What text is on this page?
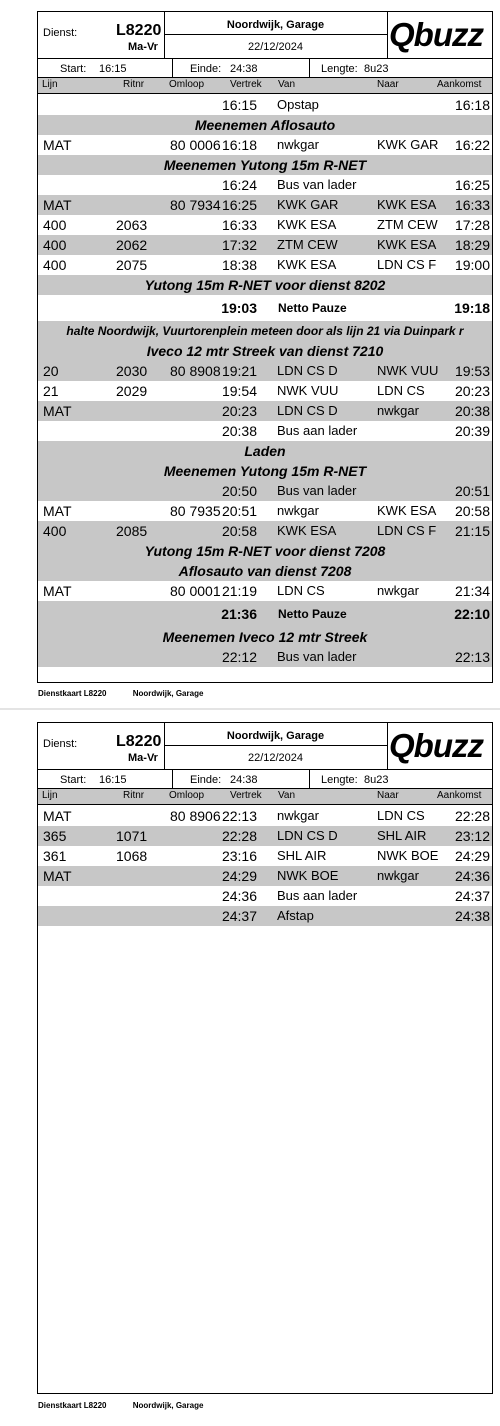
Dienst: L8220
Ma-Vr
Noordwijk, Garage
22/12/2024	Qbuzz
Start: 16:15	Einde: 24:38	Lengte: 8u23
Lijn	Ritnr Omloop	Vertrek Van	Naar	Aankomst
16:15 Opstap	16:18
Meenemen Aflosauto
MAT	80 0006 16:18 nwkgar	KWK GAR 16:22
Meenemen Yutong 15m R-NET
16:24 Bus van lader	16:25
MAT	80 7934 16:25 KWK GAR	KWK ESA 16:33
400	2063	16:33 KWK ESA	ZTM CEW 17:28
400	2062	17:32 ZTM CEW	KWK ESA 18:29
400	2075	18:38 KWK ESA	LDN CS F 19:00
Yutong 15m R-NET voor dienst 8202
19:03 Netto Pauze	19:18
halte Noordwijk, Vuurtorenplein meteen door als lijn 21 via Duinpark r
Iveco 12 mtr Streek van dienst 7210
20	2030 80 8908 19:21 LDN CS D	NWK VUU 19:53
21	2029	19:54 NWK VUU	LDN CS 20:23
MAT	20:23 LDN CS D	nwkgar	20:38
20:38 Bus aan lader	20:39
Laden
Meenemen Yutong 15m R-NET
20:50 Bus van lader	20:51
MAT	80 7935 20:51 nwkgar	KWK ESA 20:58
400	2085	20:58 KWK ESA	LDN CS F 21:15
Yutong 15m R-NET voor dienst 7208
Aflosauto van dienst 7208
MAT	80 0001 21:19 LDN CS	nwkgar	21:34
21:36 Netto Pauze	22:10
Meenemen Iveco 12 mtr Streek
22:12 Bus van lader	22:13
Dienstkaart L8220	Noordwijk, Garage
Dienst: L8220
Ma-Vr
Noordwijk, Garage
22/12/2024	Qbuzz
Start: 16:15	Einde: 24:38	Lengte: 8u23
Lijn	Ritnr Omloop	Vertrek Van	Naar	Aankomst
MAT	80 8906 22:13 nwkgar	LDN CS 22:28
365	1071	22:28 LDN CS D	SHL AIR 23:12
361	1068	23:16 SHL AIR	NWK BOE 24:29
MAT	24:29 NWK BOE	nwkgar	24:36
24:36 Bus aan lader	24:37
24:37 Afstap	24:38
Dienstkaart L8220	Noordwijk, Garage
